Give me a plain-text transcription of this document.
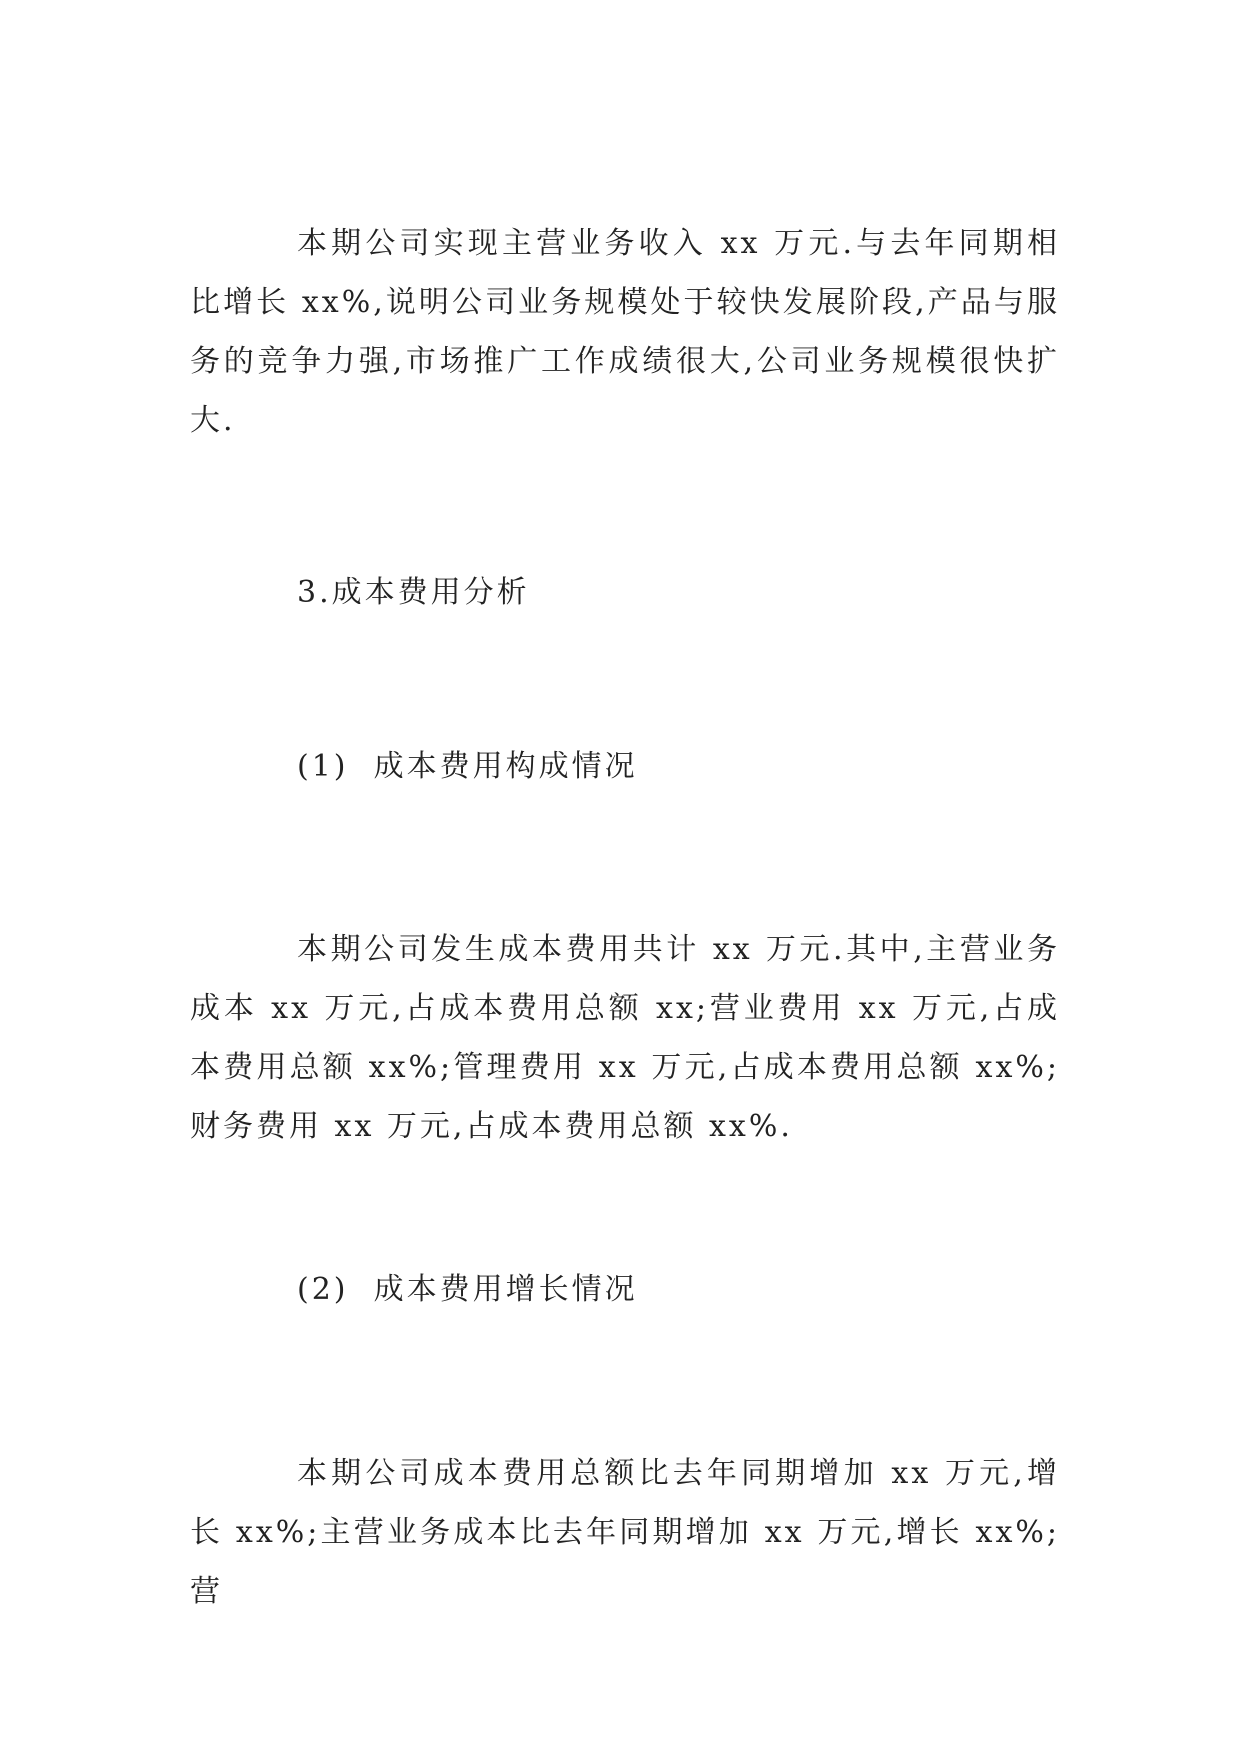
本期公司实现主营业务收入 xx 万元.与去年同期相比增长 xx%,说明公司业务规模处于较快发展阶段,产品与服务的竞争力强,市场推广工作成绩很大,公司业务规模很快扩大.

3.成本费用分析

(1)  成本费用构成情况

本期公司发生成本费用共计 xx 万元.其中,主营业务成本 xx 万元,占成本费用总额 xx;营业费用 xx 万元,占成本费用总额 xx%;管理费用 xx 万元,占成本费用总额 xx%;财务费用 xx 万元,占成本费用总额 xx%.

(2)  成本费用增长情况

本期公司成本费用总额比去年同期增加 xx 万元,增长 xx%;主营业务成本比去年同期增加 xx 万元,增长 xx%;营
